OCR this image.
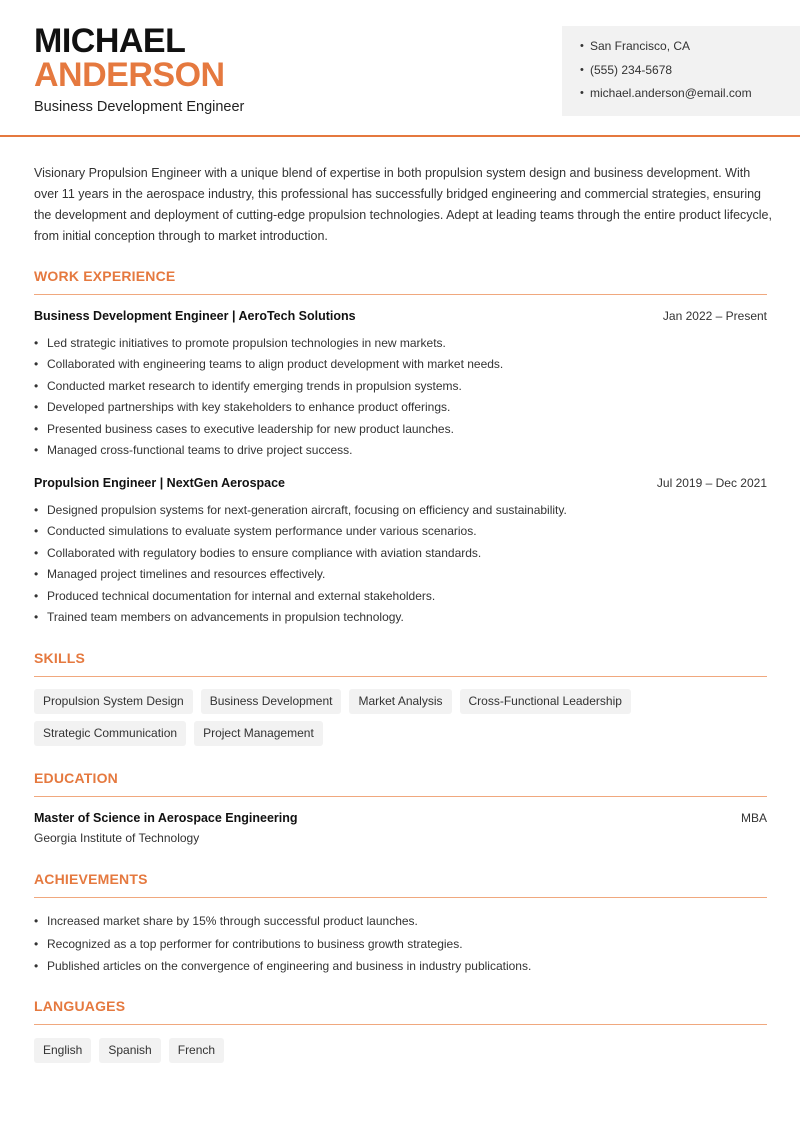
MICHAEL
ANDERSON
Business Development Engineer
• San Francisco, CA
• (555) 234-5678
• michael.anderson@email.com

Visionary Propulsion Engineer with a unique blend of expertise in both propulsion system design and business development. With over 11 years in the aerospace industry, this professional has successfully bridged engineering and commercial strategies, ensuring the development and deployment of cutting-edge propulsion technologies. Adept at leading teams through the entire product lifecycle, from initial conception through to market introduction.

WORK EXPERIENCE
Business Development Engineer | AeroTech Solutions	Jan 2022 – Present
• Led strategic initiatives to promote propulsion technologies in new markets.
• Collaborated with engineering teams to align product development with market needs.
• Conducted market research to identify emerging trends in propulsion systems.
• Developed partnerships with key stakeholders to enhance product offerings.
• Presented business cases to executive leadership for new product launches.
• Managed cross-functional teams to drive project success.
Propulsion Engineer | NextGen Aerospace	Jul 2019 – Dec 2021
• Designed propulsion systems for next-generation aircraft, focusing on efficiency and sustainability.
• Conducted simulations to evaluate system performance under various scenarios.
• Collaborated with regulatory bodies to ensure compliance with aviation standards.
• Managed project timelines and resources effectively.
• Produced technical documentation for internal and external stakeholders.
• Trained team members on advancements in propulsion technology.
SKILLS
Propulsion System Design	Business Development	Market Analysis	Cross-Functional Leadership
Strategic Communication	Project Management
EDUCATION
Master of Science in Aerospace Engineering	MBA
Georgia Institute of Technology
ACHIEVEMENTS
• Increased market share by 15% through successful product launches.
• Recognized as a top performer for contributions to business growth strategies.
• Published articles on the convergence of engineering and business in industry publications.
LANGUAGES
English	Spanish	French
